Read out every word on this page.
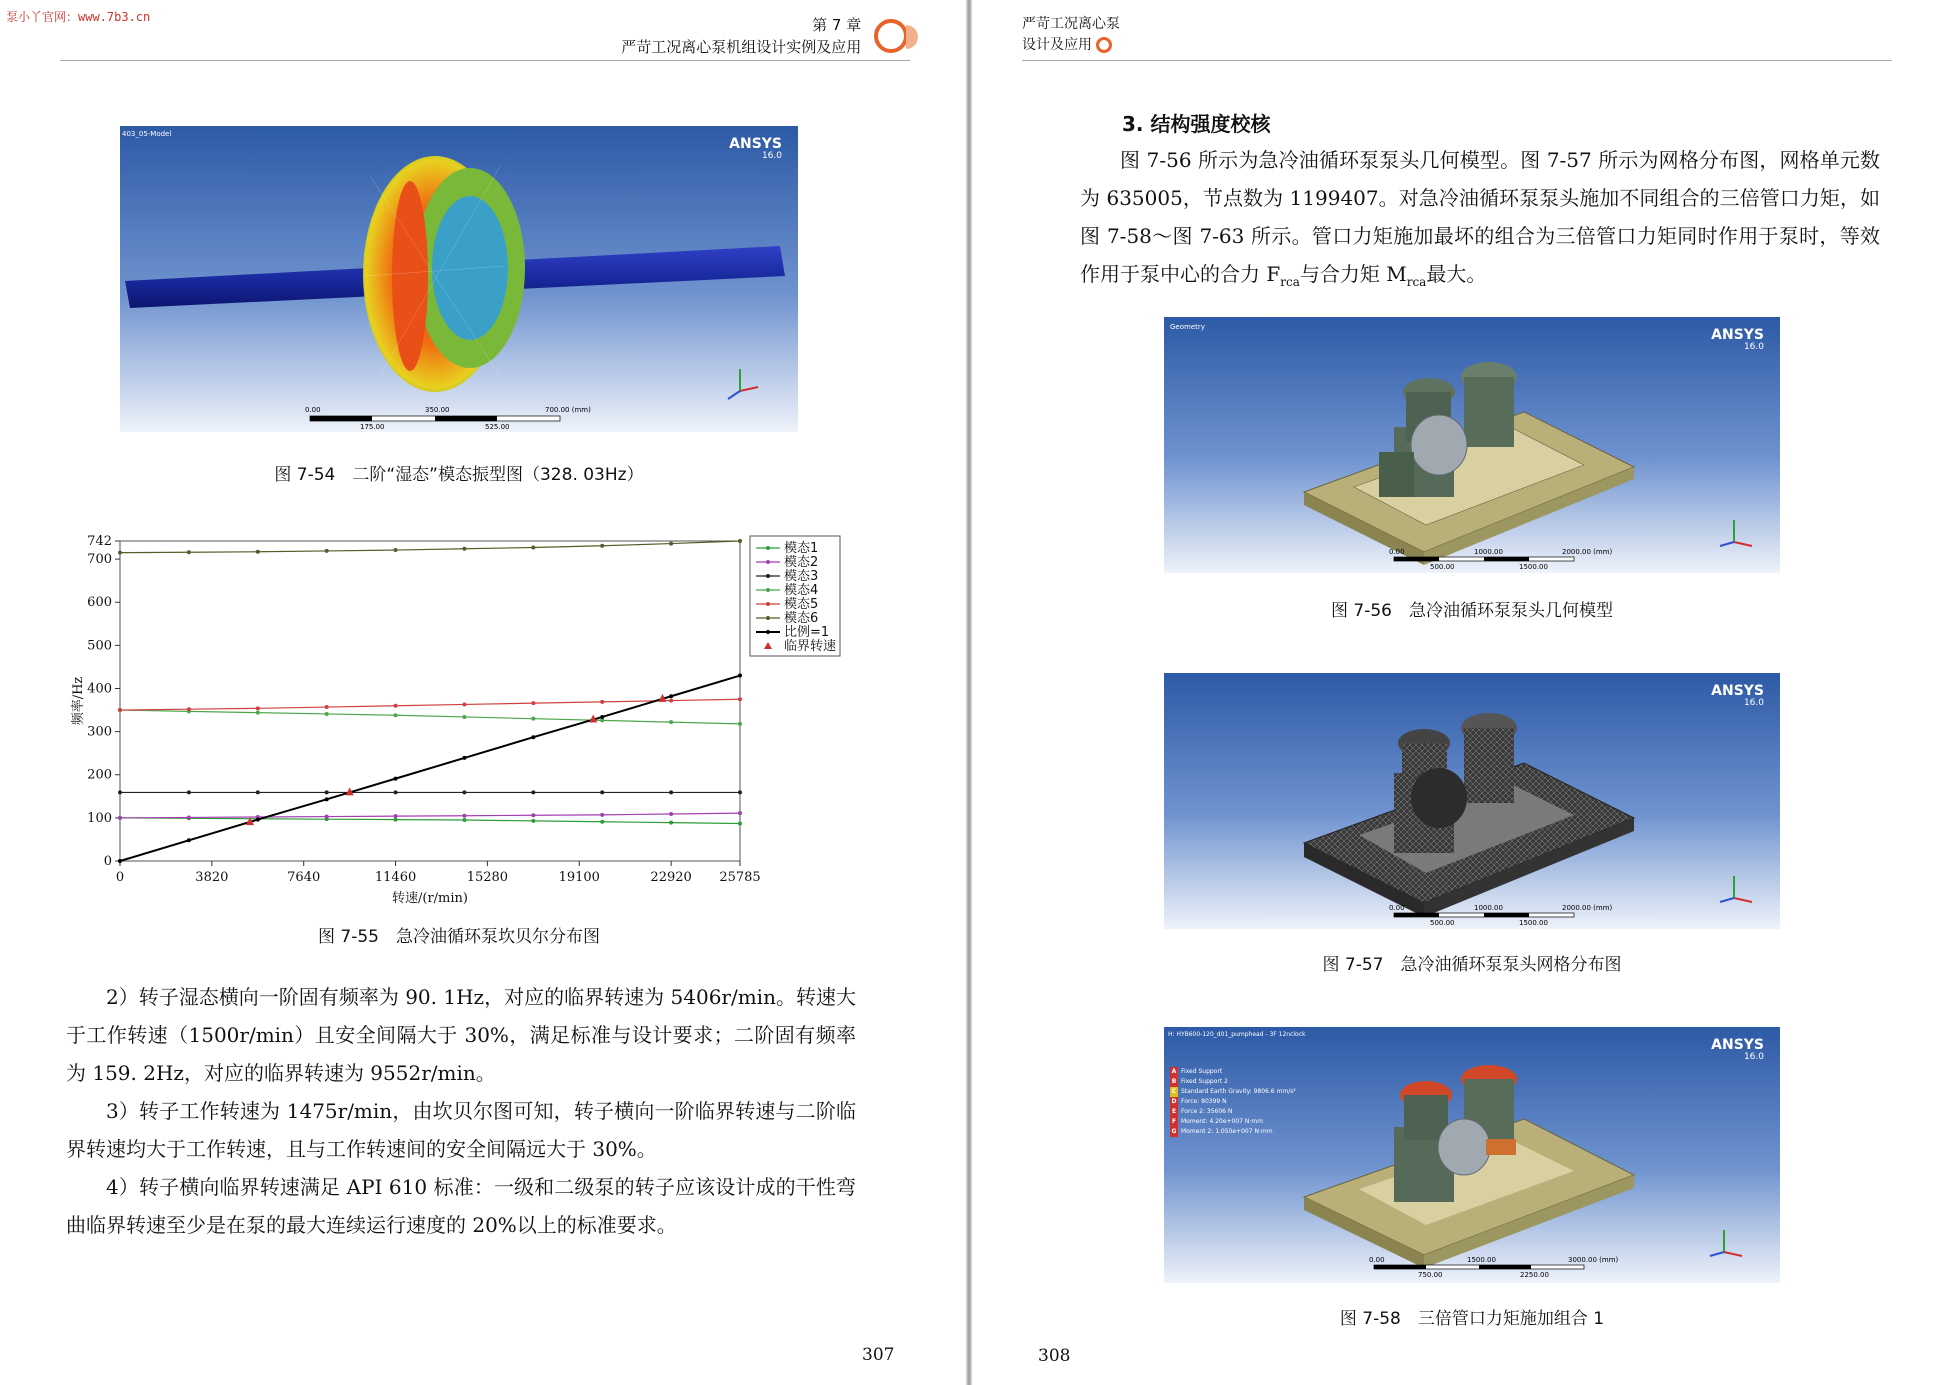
泵小丫官网：www.7b3.cn	第 7 章
严苛工况离心泵机组设计实例及应用

403_05-Model
ANSYS
16.0
0.00	350.00	700.00 (mm)
175.00	525.00
图 7-54　二阶“湿态”模态振型图（328. 03Hz）
0	3820	7640	11460	15280	19100	22920 25785
0
100
200
300
400
500
600
700
742
转速/(r/min)
频率/Hz
模态1
模态2
模态3
模态4
模态5
模态6
比例=1
临界转速
图 7-55　急冷油循环泵坎贝尔分布图

2）转子湿态横向一阶固有频率为 90. 1Hz，对应的临界转速为 5406r/min。转速大于工作转速（1500r/min）且安全间隔大于 30%，满足标准与设计要求；二阶固有频率为 159. 2Hz，对应的临界转速为 9552r/min。

3）转子工作转速为 1475r/min，由坎贝尔图可知，转子横向一阶临界转速与二阶临界转速均大于工作转速，且与工作转速间的安全间隔远大于 30%。

4）转子横向临界转速满足 API 610 标准：一级和二级泵的转子应该设计成的干性弯曲临界转速至少是在泵的最大连续运行速度的 20%以上的标准要求。

307
严苛工况离心泵
设计及应用
3. 结构强度校核

图 7-56 所示为急冷油循环泵泵头几何模型。图 7-57 所示为网格分布图，网格单元数为 635005，节点数为 1199407。对急冷油循环泵泵头施加不同组合的三倍管口力矩，如图 7-58～图 7-63 所示。管口力矩施加最坏的组合为三倍管口力矩同时作用于泵时，等效作用于泵中心的合力 $F_{rca}$与合力矩 $M_{rca}$最大。

Geometry	ANSYS
16.0
0.00	1000.00	2000.00 (mm)
500.00	1500.00
图 7-56　急冷油循环泵泵头几何模型
ANSYS
16.0
0.00	1000.00	2000.00 (mm)
500.00	1500.00
图 7-57　急冷油循环泵泵头网格分布图
H: HYB600-120_d01_pumphead - 3F 12nclock
ANSYS
16.0
A Fixed Support
B Fixed Support 2
C Standard Earth Gravity: 9806.6 mm/s²
D Force: 80399 N
E Force 2: 35606 N
F Moment: 4.20e+007 N·mm
G Moment 2: 1.050e+007 N·mm
0.00	1500.00	3000.00 (mm)
750.00	2250.00
图 7-58　三倍管口力矩施加组合 1
308
